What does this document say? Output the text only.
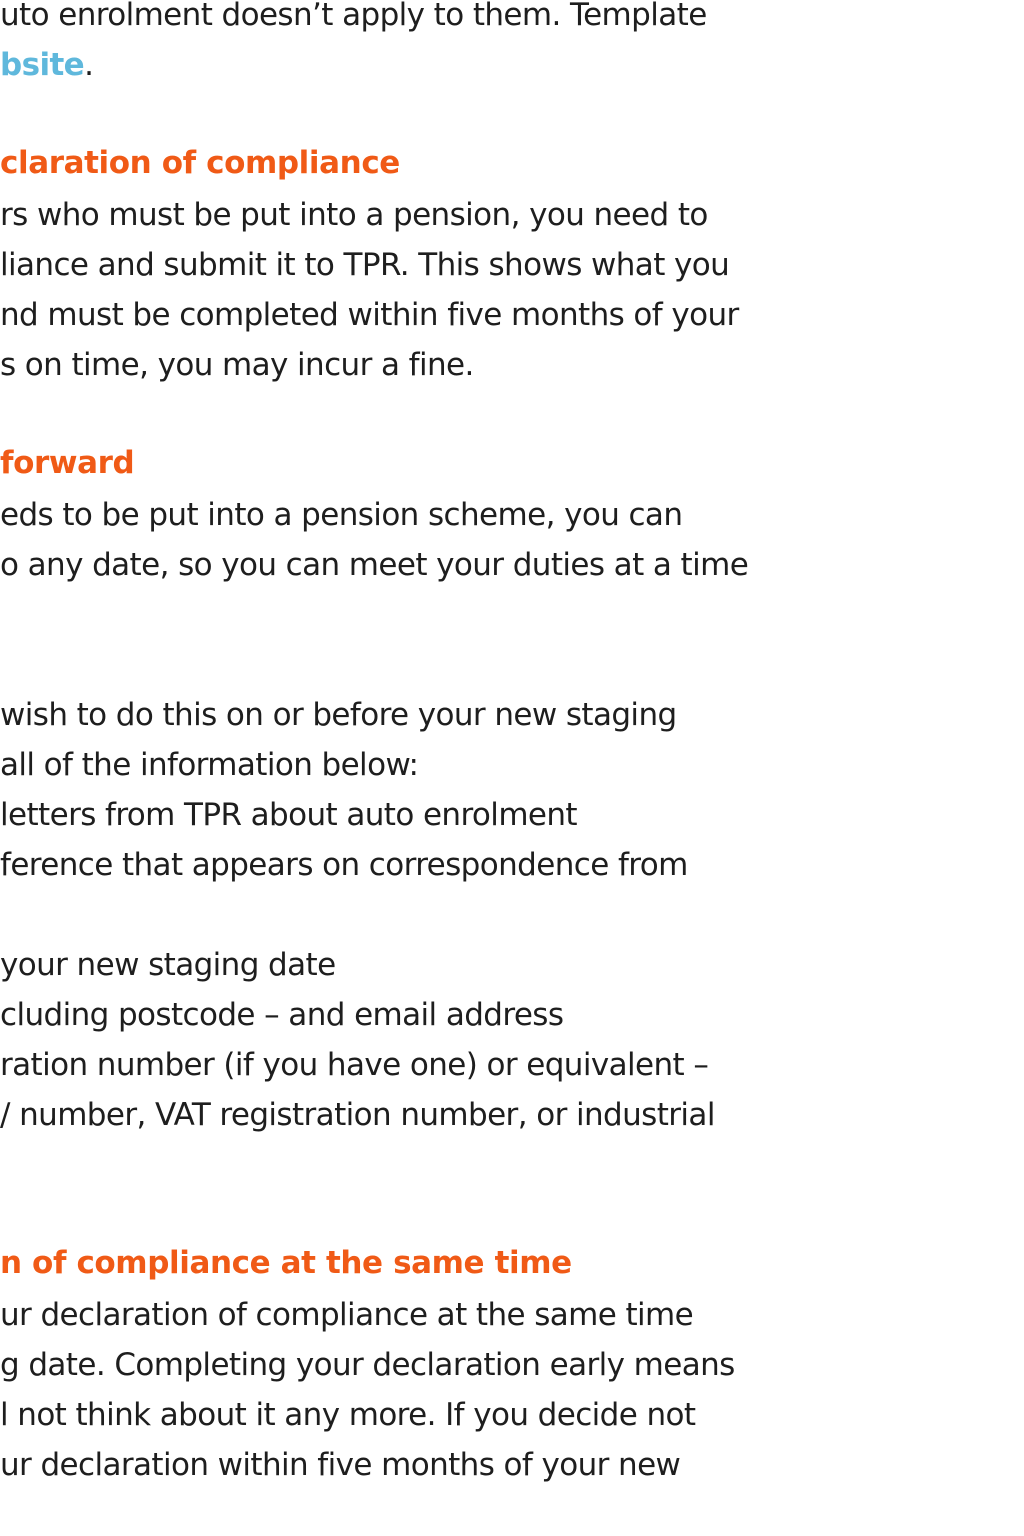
uto enrolment doesn’t apply to them. Template

bsite.

claration of compliance

rs who must be put into a pension, you need to

liance and submit it to TPR. This shows what you

nd must be completed within five months of your

s on time, you may incur a fine.

forward

eds to be put into a pension scheme, you can

o any date, so you can meet your duties at a time

wish to do this on or before your new staging

all of the information below:

letters from TPR about auto enrolment

ference that appears on correspondence from

your new staging date

cluding postcode – and email address

ration number (if you have one) or equivalent –

/ number, VAT registration number, or industrial

n of compliance at the same time

ur declaration of compliance at the same time

g date. Completing your declaration early means

l not think about it any more. If you decide not

ur declaration within five months of your new
